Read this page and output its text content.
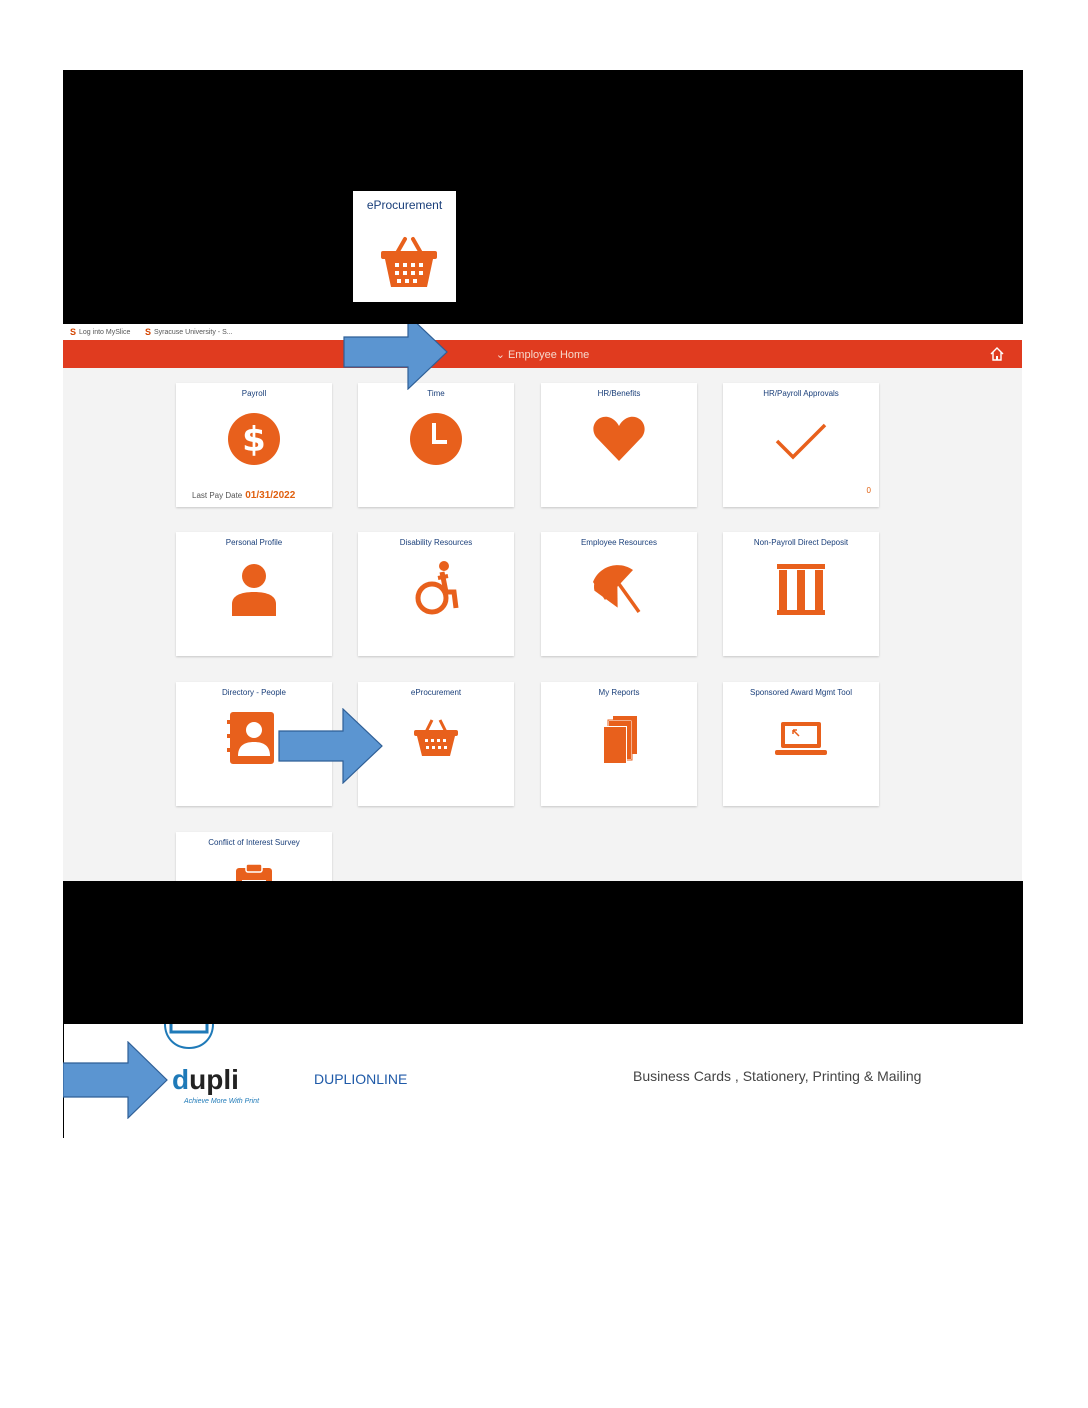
eProcurement
S Log into MySlice S Syracuse University - S...
⌄ Employee Home
Payroll
$
Last Pay Date 01/31/2022
Time	HR/Benefits	HR/Payroll Approvals
0
Personal Profile	Disability Resources	Employee Resources	Non-Payroll Direct Deposit
Directory - People	eProcurement	My Reports	Sponsored Award Mgmt Tool
Conflict of Interest Survey
dupli
Achieve More With Print
DUPLIONLINE	Business Cards , Stationery, Printing & Mailing
